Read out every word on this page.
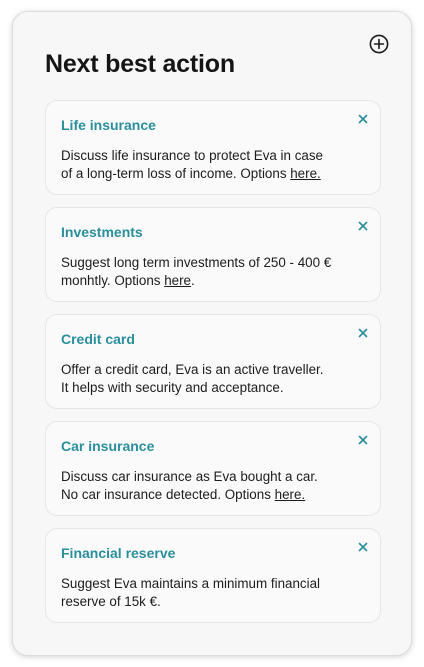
Next best action
Life insurance

Discuss life insurance to protect Eva in case of a long-term loss of income. Options here.

Investments

Suggest long term investments of 250 - 400 € monhtly. Options here.

Credit card

Offer a credit card, Eva is an active traveller. It helps with security and acceptance.

Car insurance

Discuss car insurance as Eva bought a car. No car insurance detected. Options here.

Financial reserve

Suggest Eva maintains a minimum financial reserve of 15k €.
